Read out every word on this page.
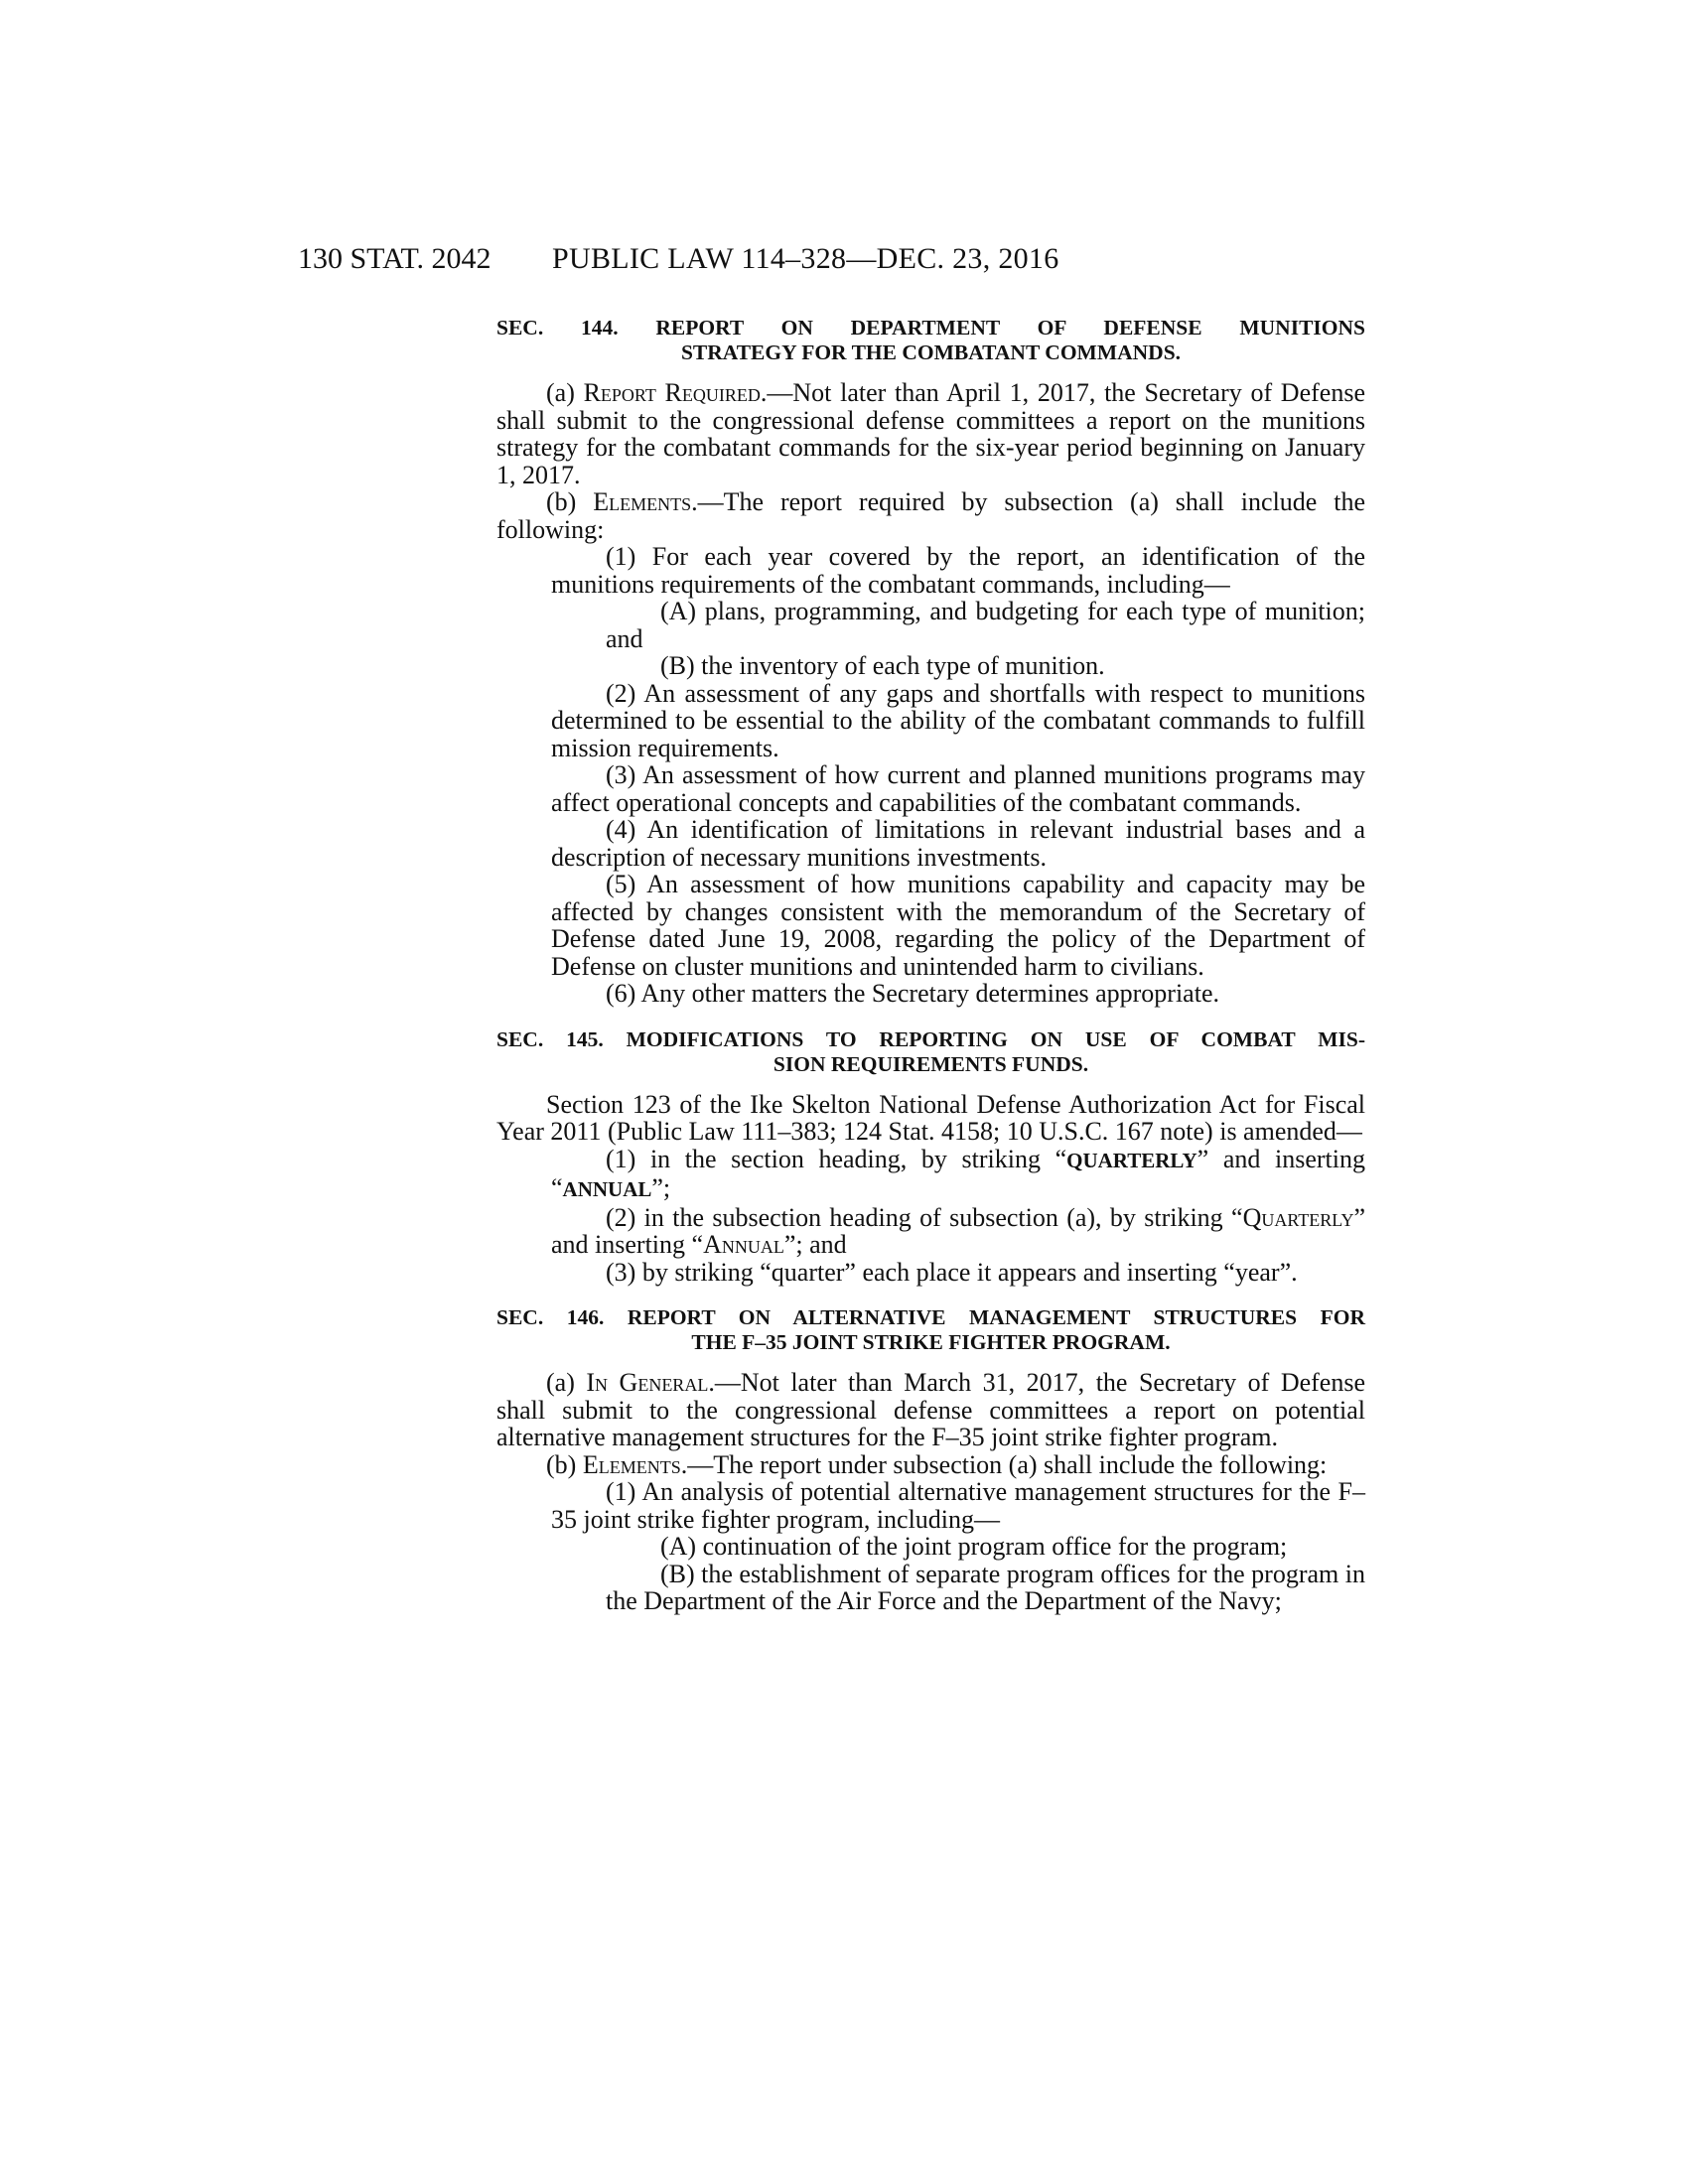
130 STAT. 2042 PUBLIC LAW 114–328—DEC. 23, 2016
SEC. 144. REPORT ON DEPARTMENT OF DEFENSE MUNITIONS
STRATEGY FOR THE COMBATANT COMMANDS.

(a) Report Required.—Not later than April 1, 2017, the Secretary of Defense shall submit to the congressional defense committees a report on the munitions strategy for the combatant commands for the six-year period beginning on January 1, 2017.

(b) Elements.—The report required by subsection (a) shall include the following:

(1) For each year covered by the report, an identification of the munitions requirements of the combatant commands, including—

(A) plans, programming, and budgeting for each type of munition; and

(B) the inventory of each type of munition.

(2) An assessment of any gaps and shortfalls with respect to munitions determined to be essential to the ability of the combatant commands to fulfill mission requirements.

(3) An assessment of how current and planned munitions programs may affect operational concepts and capabilities of the combatant commands.

(4) An identification of limitations in relevant industrial bases and a description of necessary munitions investments.

(5) An assessment of how munitions capability and capacity may be affected by changes consistent with the memorandum of the Secretary of Defense dated June 19, 2008, regarding the policy of the Department of Defense on cluster munitions and unintended harm to civilians.

(6) Any other matters the Secretary determines appropriate.

SEC. 145. MODIFICATIONS TO REPORTING ON USE OF COMBAT MIS-
SION REQUIREMENTS FUNDS.

Section 123 of the Ike Skelton National Defense Authorization Act for Fiscal Year 2011 (Public Law 111–383; 124 Stat. 4158; 10 U.S.C. 167 note) is amended—

(1) in the section heading, by striking “QUARTERLY” and inserting “ANNUAL”;

(2) in the subsection heading of subsection (a), by striking “Quarterly” and inserting “Annual”; and

(3) by striking “quarter” each place it appears and inserting “year”.

SEC. 146. REPORT ON ALTERNATIVE MANAGEMENT STRUCTURES FOR
THE F–35 JOINT STRIKE FIGHTER PROGRAM.

(a) In General.—Not later than March 31, 2017, the Secretary of Defense shall submit to the congressional defense committees a report on potential alternative management structures for the F–35 joint strike fighter program.

(b) Elements.—The report under subsection (a) shall include the following:

(1) An analysis of potential alternative management structures for the F–35 joint strike fighter program, including—

(A) continuation of the joint program office for the program;

(B) the establishment of separate program offices for the program in the Department of the Air Force and the Department of the Navy;
